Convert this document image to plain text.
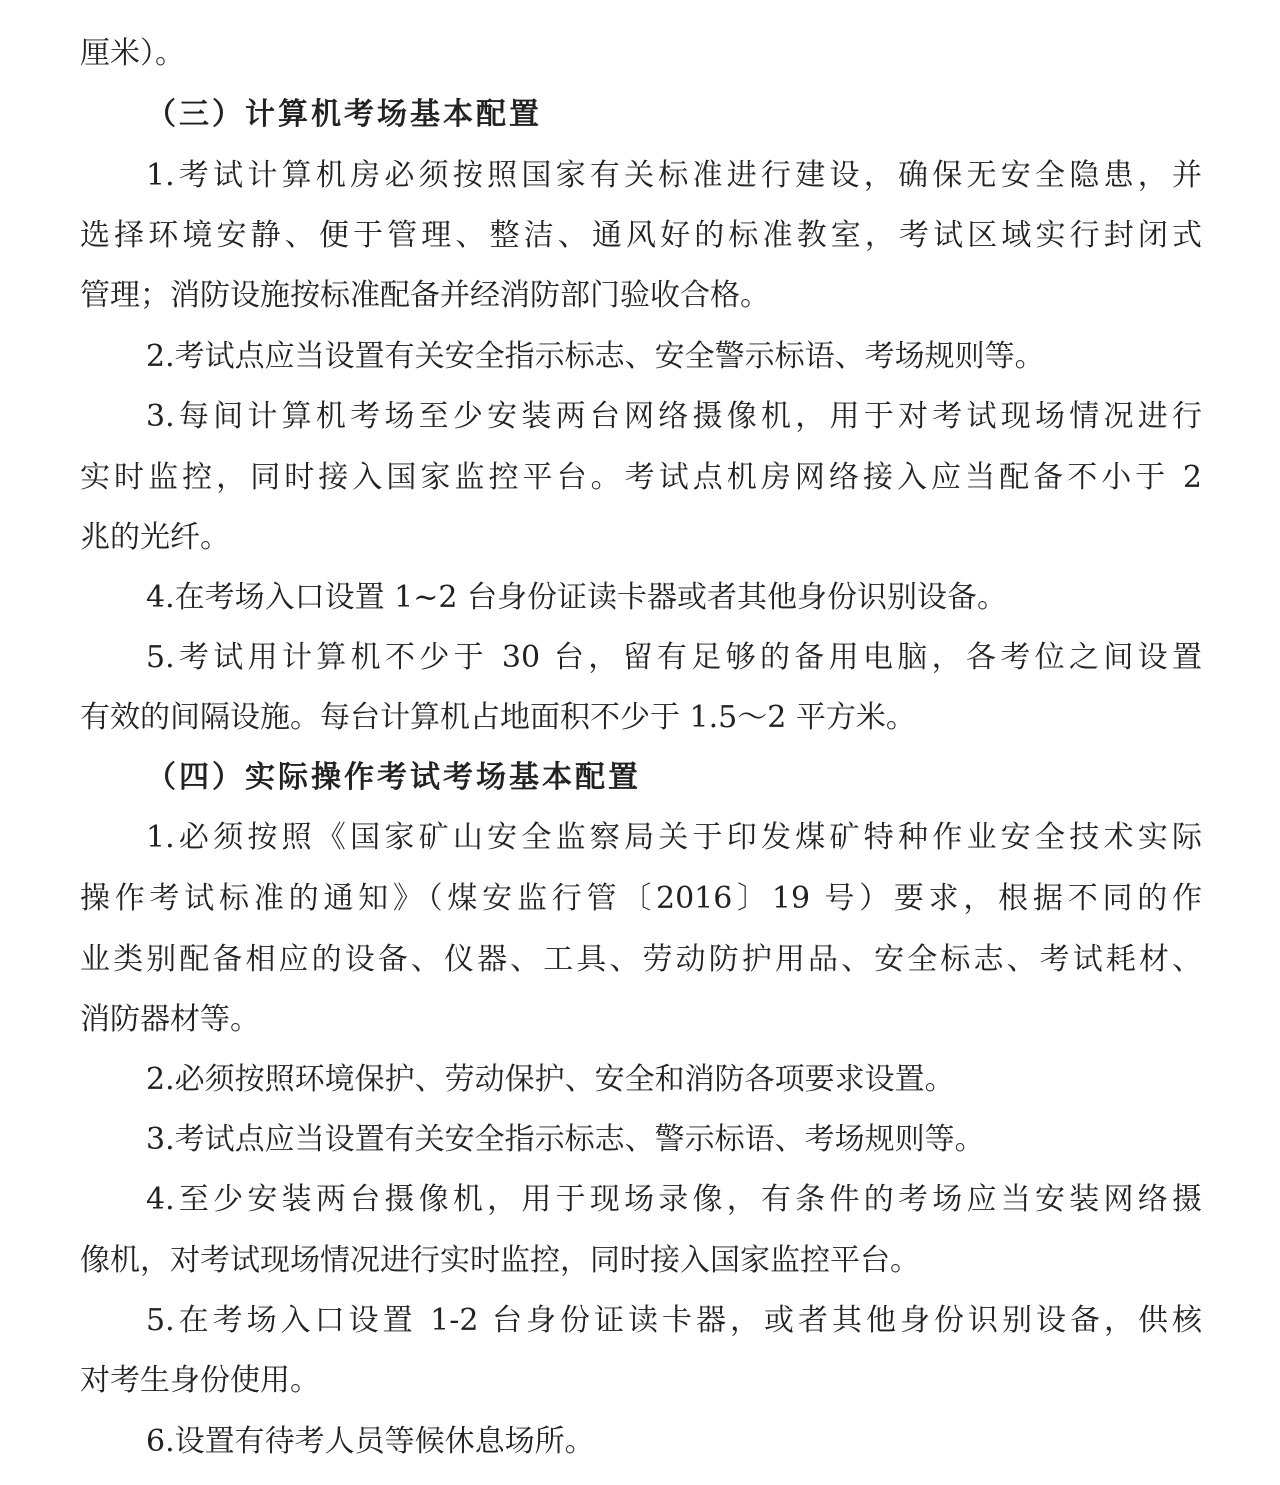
厘米）。
（三）计算机考场基本配置
1.考试计算机房必须按照国家有关标准进行建设，确保无安全隐患，并
选择环境安静、便于管理、整洁、通风好的标准教室，考试区域实行封闭式
管理；消防设施按标准配备并经消防部门验收合格。
2.考试点应当设置有关安全指示标志、安全警示标语、考场规则等。
3.每间计算机考场至少安装两台网络摄像机，用于对考试现场情况进行
实时监控，同时接入国家监控平台。考试点机房网络接入应当配备不小于 2
兆的光纤。
4.在考场入口设置 1~2 台身份证读卡器或者其他身份识别设备。
5.考试用计算机不少于 30 台，留有足够的备用电脑，各考位之间设置
有效的间隔设施。每台计算机占地面积不少于 1.5～2 平方米。
（四）实际操作考试考场基本配置
1.必须按照《国家矿山安全监察局关于印发煤矿特种作业安全技术实际
操作考试标准的通知》（煤安监行管〔2016〕19 号）要求，根据不同的作
业类别配备相应的设备、仪器、工具、劳动防护用品、安全标志、考试耗材、
消防器材等。
2.必须按照环境保护、劳动保护、安全和消防各项要求设置。
3.考试点应当设置有关安全指示标志、警示标语、考场规则等。
4.至少安装两台摄像机，用于现场录像，有条件的考场应当安装网络摄
像机，对考试现场情况进行实时监控，同时接入国家监控平台。
5.在考场入口设置 1-2 台身份证读卡器，或者其他身份识别设备，供核
对考生身份使用。
6.设置有待考人员等候休息场所。
